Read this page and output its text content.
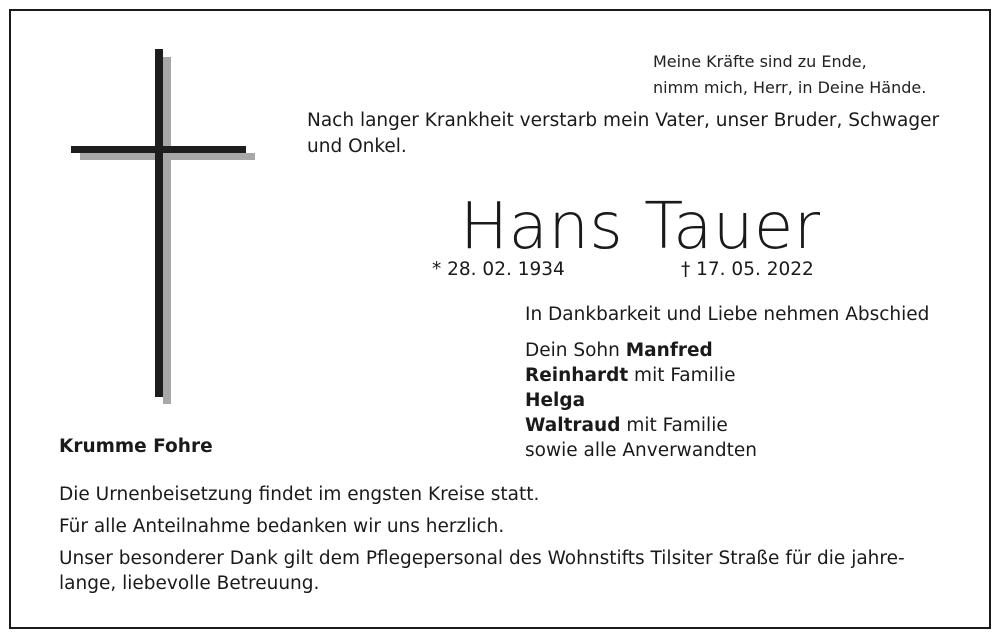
Meine Kräfte sind zu Ende,
nimm mich, Herr, in Deine Hände.
Nach langer Krankheit verstarb mein Vater, unser Bruder, Schwager und Onkel.
Hans Tauer
* 28. 02. 1934	† 17. 05. 2022
In Dankbarkeit und Liebe nehmen Abschied
Dein Sohn Manfred
Reinhardt mit Familie
Helga
Waltraud mit Familie
sowie alle Anverwandten
Krumme Fohre

Die Urnenbeisetzung findet im engsten Kreise statt.

Für alle Anteilnahme bedanken wir uns herzlich.

Unser besonderer Dank gilt dem Pflegepersonal des Wohnstifts Tilsiter Straße für die jahre-
lange, liebevolle Betreuung.
